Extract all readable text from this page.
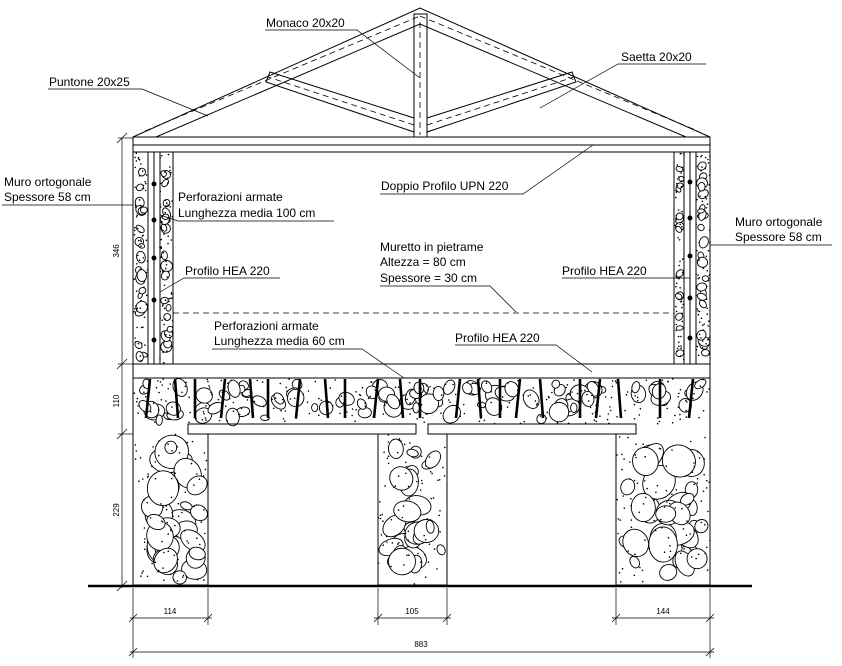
346
110
229
114	105	144
883
Monaco 20x20
Saetta 20x20
Puntone 20x25
Muro ortogonale
Spessore 58 cm
Muro ortogonale
Spessore 58 cm
Perforazioni armate
Lunghezza media 100 cm
Doppio Profilo UPN 220
Muretto in pietrame
Altezza = 80 cm
Spessore = 30 cm
Profilo HEA 220	Profilo HEA 220
Perforazioni armate
Lunghezza media 60 cm	Profilo HEA 220
